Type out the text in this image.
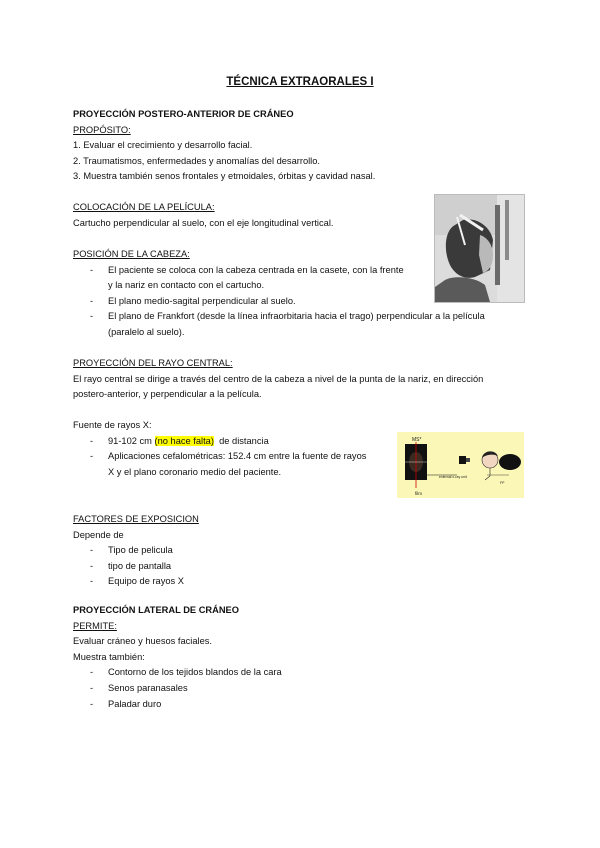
TÉCNICA EXTRAORALES I
PROYECCIÓN POSTERO-ANTERIOR DE CRÁNEO
PROPÓSITO:
1. Evaluar el crecimiento y desarrollo facial.
2. Traumatismos, enfermedades y anomalías del desarrollo.
3. Muestra también senos frontales y etmoidales, órbitas y cavidad nasal.
COLOCACIÓN DE LA PELÍCULA:
Cartucho perpendicular al suelo, con el eje longitudinal vertical.
POSICIÓN DE LA CABEZA:
- El paciente se coloca con la cabeza centrada en la casete, con la frente
y la nariz en contacto con el cartucho.
- El plano medio-sagital perpendicular al suelo.
- El plano de Frankfort (desde la línea infraorbitaria hacia el trago) perpendicular a la película
(paralelo al suelo).
PROYECCIÓN DEL RAYO CENTRAL:
El rayo central se dirige a través del centro de la cabeza a nivel de la punta de la nariz, en dirección
postero-anterior, y perpendicular a la película.
Fuente de rayos X:
- 91-102 cm (no hace falta)  de distancia
- Aplicaciones cefalométricas: 152.4 cm entre la fuente de rayos
X y el plano coronario medio del paciente.
FACTORES DE EXPOSICION
Depende de
- Tipo de pelicula
- tipo de pantalla
- Equipo de rayos X
PROYECCIÓN LATERAL DE CRÁNEO
PERMITE:
Evaluar cráneo y huesos faciales.
Muestra también:
- Contorno de los tejidos blandos de la cara
- Senos paranasales
- Paladar duro
MS*
film
external x-ray unit
FP
